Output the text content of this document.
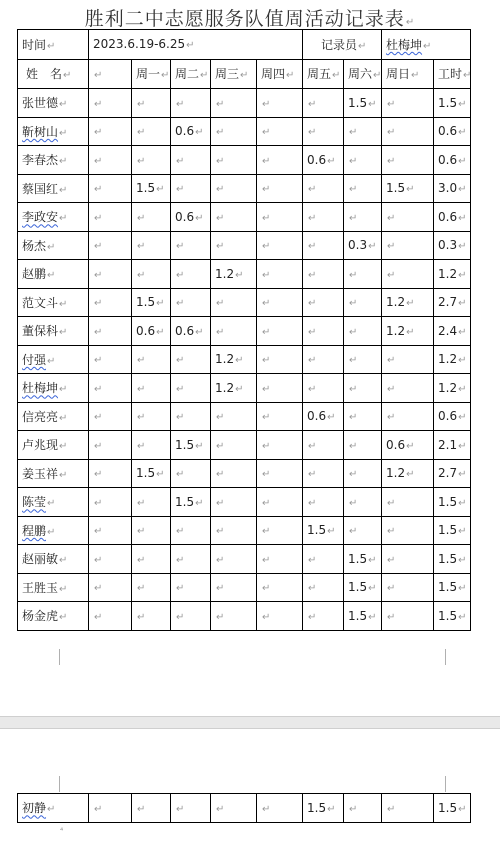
胜利二中志愿服务队值周活动记录表↵
时间↵	2023.6.19-6.25↵					记录员↵		杜梅坤↵	
姓　名↵	↵	周一↵	周二↵	周三↵	周四↵	周五↵	周六↵	周日↵	工时↵
张世德↵	↵	↵	↵	↵	↵	↵	1.5↵	↵	1.5↵
靳树山↵	↵	↵	0.6↵	↵	↵	↵	↵	↵	0.6↵
李春杰↵	↵	↵	↵	↵	↵	0.6↵	↵	↵	0.6↵
蔡国红↵	↵	1.5↵	↵	↵	↵	↵	↵	1.5↵	3.0↵
李政安↵	↵	↵	0.6↵	↵	↵	↵	↵	↵	0.6↵
杨杰↵	↵	↵	↵	↵	↵	↵	0.3↵	↵	0.3↵
赵鹏↵	↵	↵	↵	1.2↵	↵	↵	↵	↵	1.2↵
范文斗↵	↵	1.5↵	↵	↵	↵	↵	↵	1.2↵	2.7↵
董保科↵	↵	0.6↵	0.6↵	↵	↵	↵	↵	1.2↵	2.4↵
付强↵	↵	↵	↵	1.2↵	↵	↵	↵	↵	1.2↵
杜梅坤↵	↵	↵	↵	1.2↵	↵	↵	↵	↵	1.2↵
信亮亮↵	↵	↵	↵	↵	↵	0.6↵	↵	↵	0.6↵
卢兆现↵	↵	↵	1.5↵	↵	↵	↵	↵	0.6↵	2.1↵
姜玉祥↵	↵	1.5↵	↵	↵	↵	↵	↵	1.2↵	2.7↵
陈莹↵	↵	↵	1.5↵	↵	↵	↵	↵	↵	1.5↵
程鹏↵	↵	↵	↵	↵	↵	1.5↵	↵	↵	1.5↵
赵丽敏↵	↵	↵	↵	↵	↵	↵	1.5↵	↵	1.5↵
王胜玉↵	↵	↵	↵	↵	↵	↵	1.5↵	↵	1.5↵
杨金虎↵	↵	↵	↵	↵	↵	↵	1.5↵	↵	1.5↵
初静↵	↵	↵	↵	↵	↵	1.5↵	↵	↵	1.5↵
⁴
